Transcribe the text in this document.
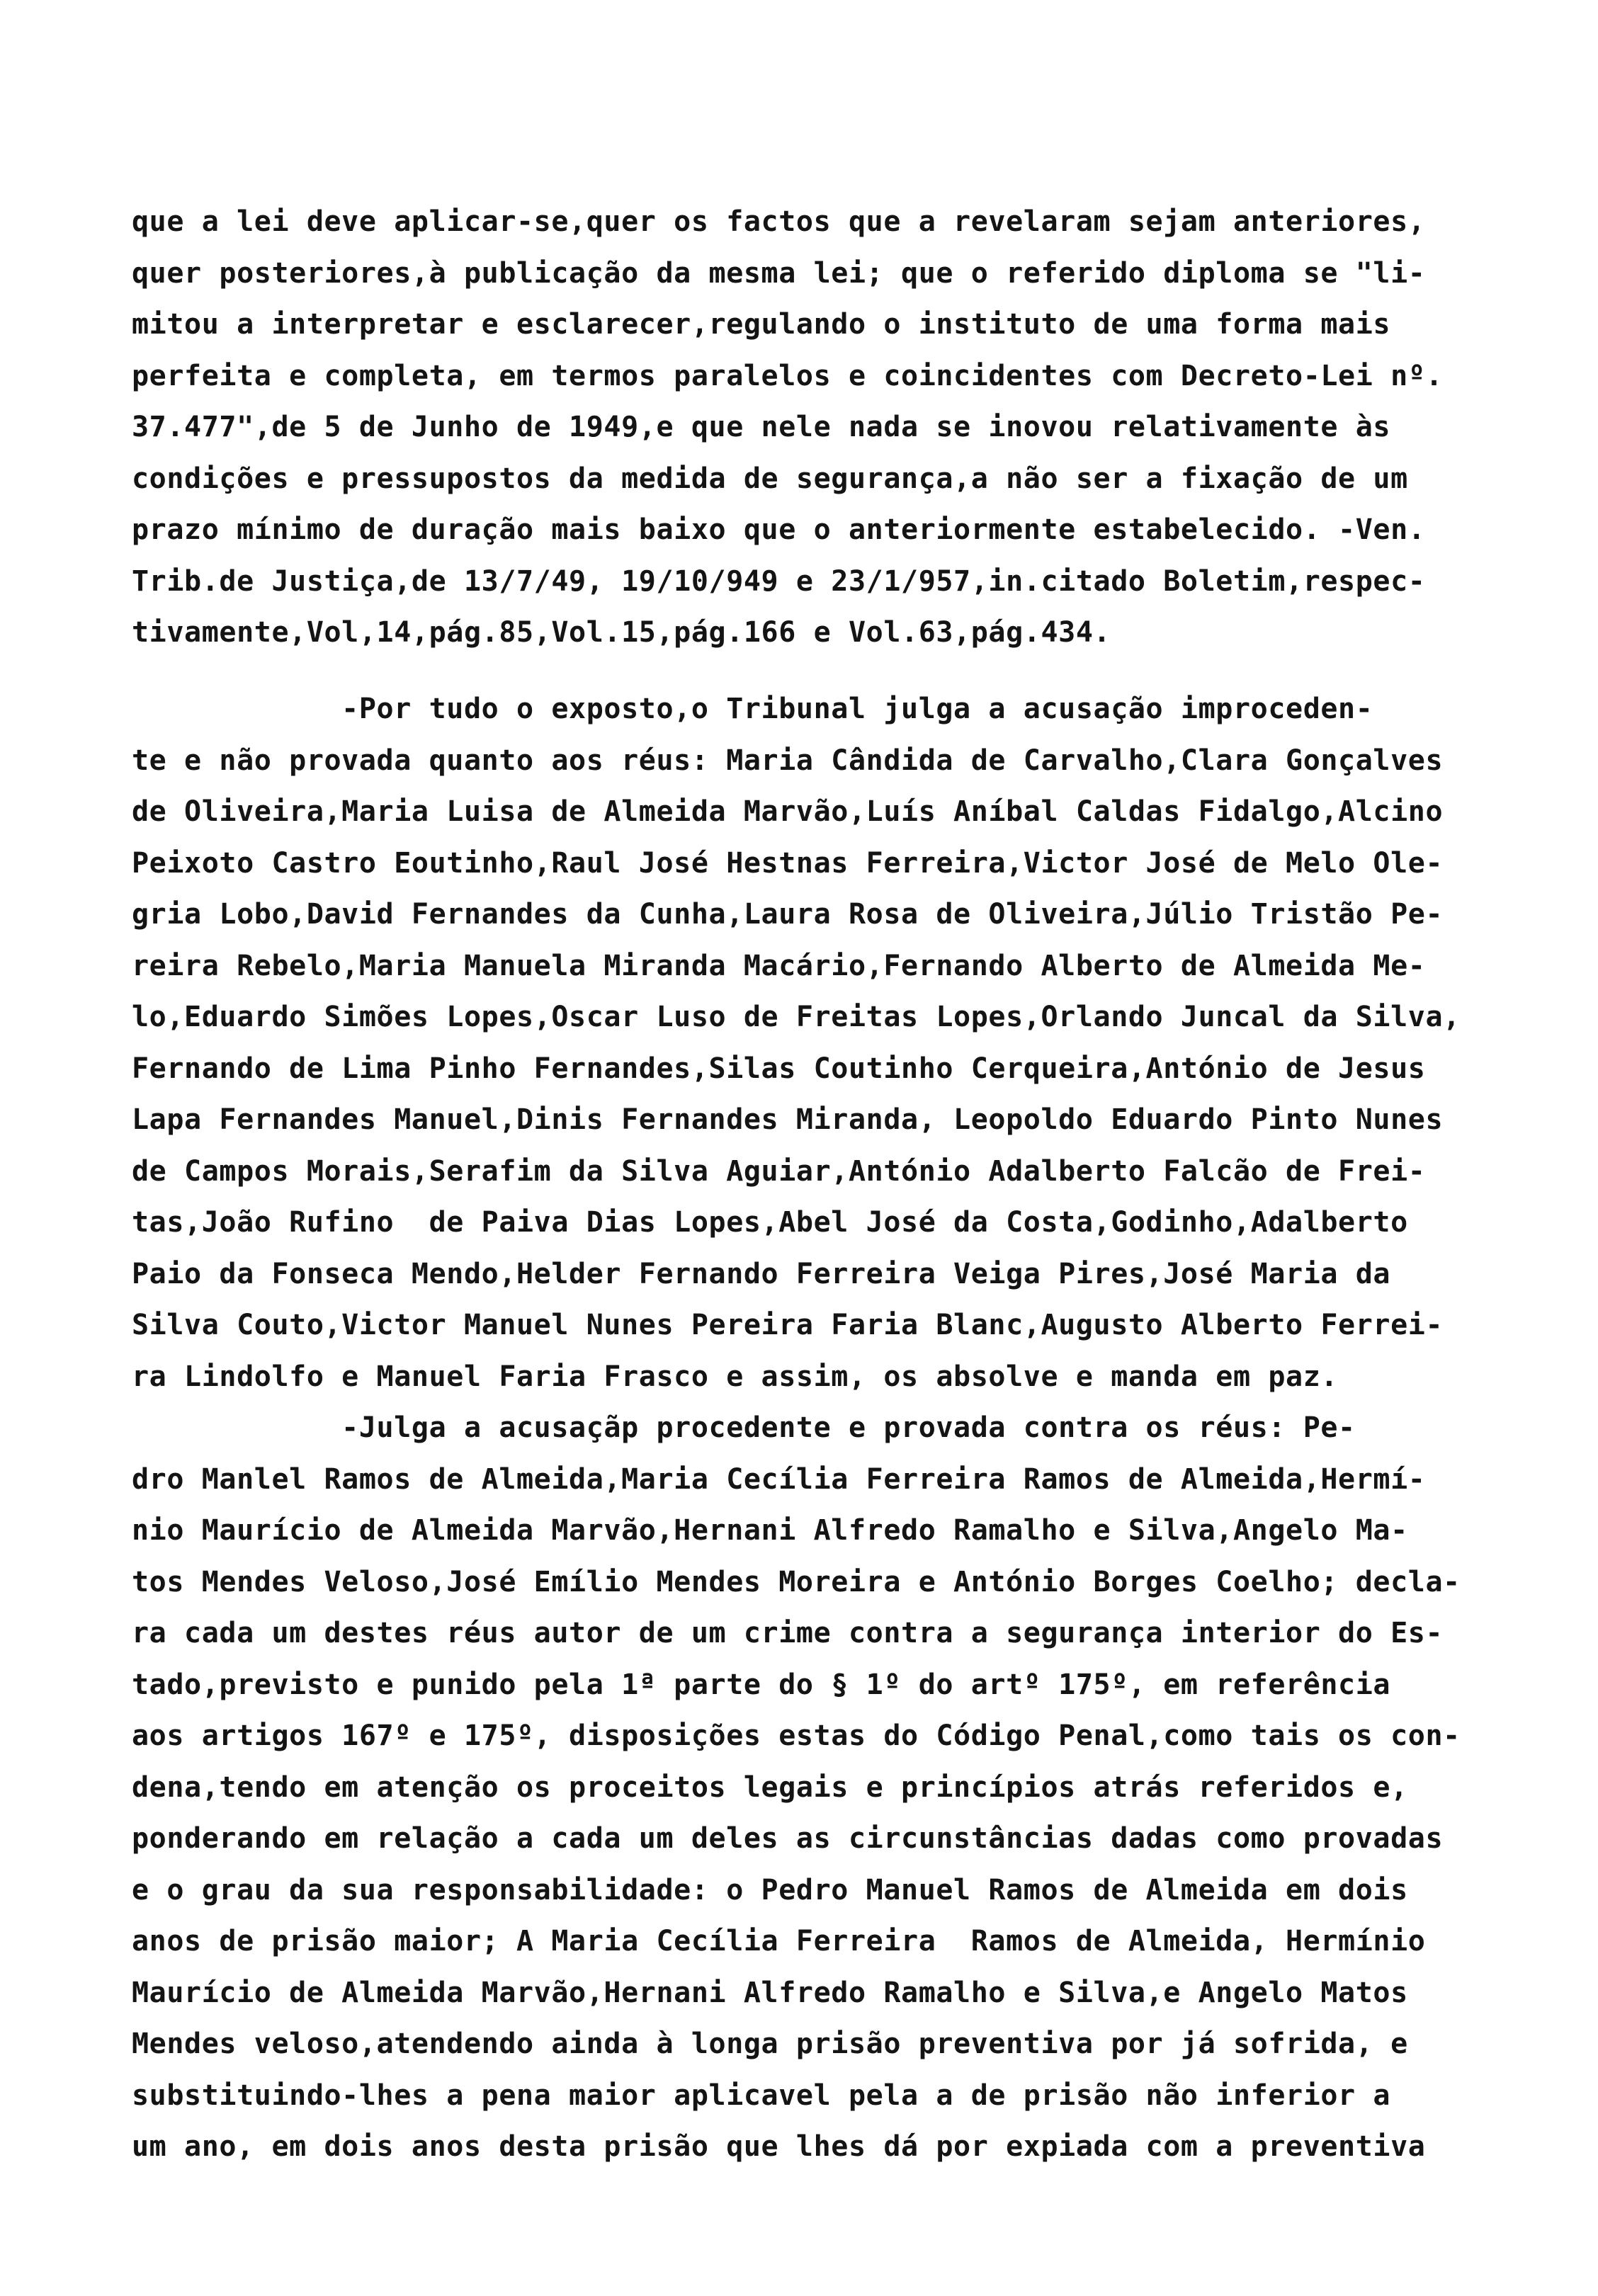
que a lei deve aplicar-se,quer os factos que a revelaram sejam anteriores,
quer posteriores,à publicação da mesma lei; que o referido diploma se "li-
mitou a interpretar e esclarecer,regulando o instituto de uma forma mais
perfeita e completa, em termos paralelos e coincidentes com Decreto-Lei nº.
37.477",de 5 de Junho de 1949,e que nele nada se inovou relativamente às
condições e pressupostos da medida de segurança,a não ser a fixação de um
prazo mínimo de duração mais baixo que o anteriormente estabelecido. -Ven.
Trib.de Justiça,de 13/7/49, 19/10/949 e 23/1/957,in.citado Boletim,respec-
tivamente,Vol,14,pág.85,Vol.15,pág.166 e Vol.63,pág.434.
-Por tudo o exposto,o Tribunal julga a acusação improceden-
te e não provada quanto aos réus: Maria Cândida de Carvalho,Clara Gonçalves
de Oliveira,Maria Luisa de Almeida Marvão,Luís Aníbal Caldas Fidalgo,Alcino
Peixoto Castro Eoutinho,Raul José Hestnas Ferreira,Victor José de Melo Ole-
gria Lobo,David Fernandes da Cunha,Laura Rosa de Oliveira,Júlio Tristão Pe-
reira Rebelo,Maria Manuela Miranda Macário,Fernando Alberto de Almeida Me-
lo,Eduardo Simões Lopes,Oscar Luso de Freitas Lopes,Orlando Juncal da Silva,
Fernando de Lima Pinho Fernandes,Silas Coutinho Cerqueira,António de Jesus
Lapa Fernandes Manuel,Dinis Fernandes Miranda, Leopoldo Eduardo Pinto Nunes
de Campos Morais,Serafim da Silva Aguiar,António Adalberto Falcão de Frei-
tas,João Rufino  de Paiva Dias Lopes,Abel José da Costa,Godinho,Adalberto
Paio da Fonseca Mendo,Helder Fernando Ferreira Veiga Pires,José Maria da
Silva Couto,Victor Manuel Nunes Pereira Faria Blanc,Augusto Alberto Ferrei-
ra Lindolfo e Manuel Faria Frasco e assim, os absolve e manda em paz.
-Julga a acusaçãp procedente e provada contra os réus: Pe-
dro Manlel Ramos de Almeida,Maria Cecília Ferreira Ramos de Almeida,Hermí-
nio Maurício de Almeida Marvão,Hernani Alfredo Ramalho e Silva,Angelo Ma-
tos Mendes Veloso,José Emílio Mendes Moreira e António Borges Coelho; decla-
ra cada um destes réus autor de um crime contra a segurança interior do Es-
tado,previsto e punido pela 1ª parte do § 1º do artº 175º, em referência
aos artigos 167º e 175º, disposições estas do Código Penal,como tais os con-
dena,tendo em atenção os proceitos legais e princípios atrás referidos e,
ponderando em relação a cada um deles as circunstâncias dadas como provadas
e o grau da sua responsabilidade: o Pedro Manuel Ramos de Almeida em dois
anos de prisão maior; A Maria Cecília Ferreira  Ramos de Almeida, Hermínio
Maurício de Almeida Marvão,Hernani Alfredo Ramalho e Silva,e Angelo Matos
Mendes veloso,atendendo ainda à longa prisão preventiva por já sofrida, e
substituindo-lhes a pena maior aplicavel pela a de prisão não inferior a
um ano, em dois anos desta prisão que lhes dá por expiada com a preventiva
